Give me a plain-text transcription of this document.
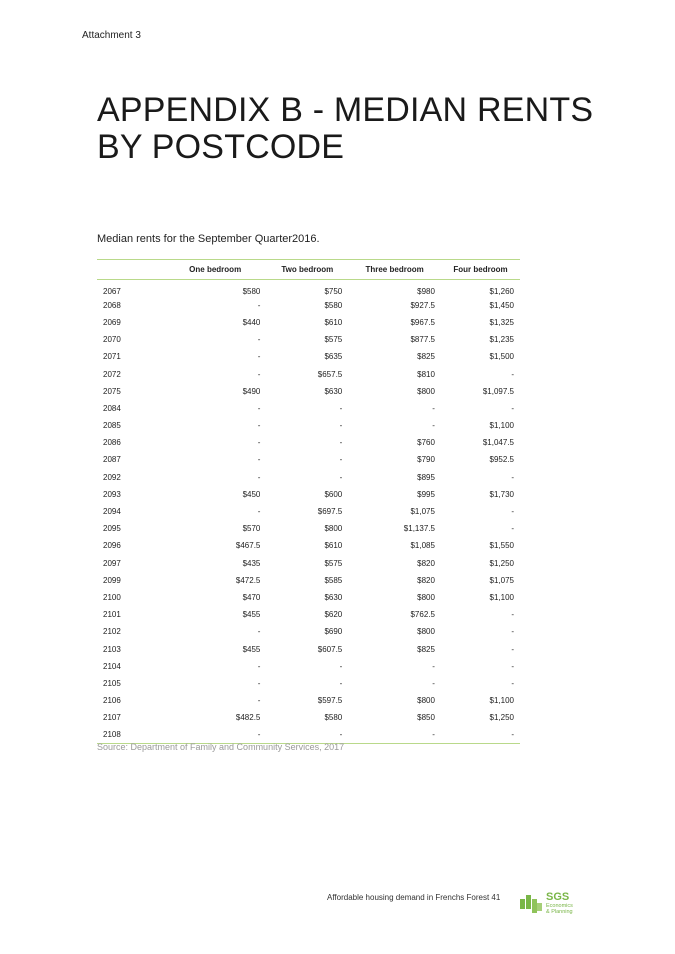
Attachment 3
APPENDIX B - MEDIAN RENTS BY POSTCODE
Median rents for the September Quarter2016.
	One bedroom	Two bedroom	Three bedroom	Four bedroom
2067	$580	$750	$980	$1,260
2068	-	$580	$927.5	$1,450
2069	$440	$610	$967.5	$1,325
2070	-	$575	$877.5	$1,235
2071	-	$635	$825	$1,500
2072	-	$657.5	$810	-
2075	$490	$630	$800	$1,097.5
2084	-	-	-	-
2085	-	-	-	$1,100
2086	-	-	$760	$1,047.5
2087	-	-	$790	$952.5
2092	-	-	$895	-
2093	$450	$600	$995	$1,730
2094	-	$697.5	$1,075	-
2095	$570	$800	$1,137.5	-
2096	$467.5	$610	$1,085	$1,550
2097	$435	$575	$820	$1,250
2099	$472.5	$585	$820	$1,075
2100	$470	$630	$800	$1,100
2101	$455	$620	$762.5	-
2102	-	$690	$800	-
2103	$455	$607.5	$825	-
2104	-	-	-	-
2105	-	-	-	-
2106	-	$597.5	$800	$1,100
2107	$482.5	$580	$850	$1,250
2108	-	-	-	-
Source: Department of Family and Community Services, 2017
Affordable housing demand in Frenchs Forest 41	SGS
Economics
& Planning
